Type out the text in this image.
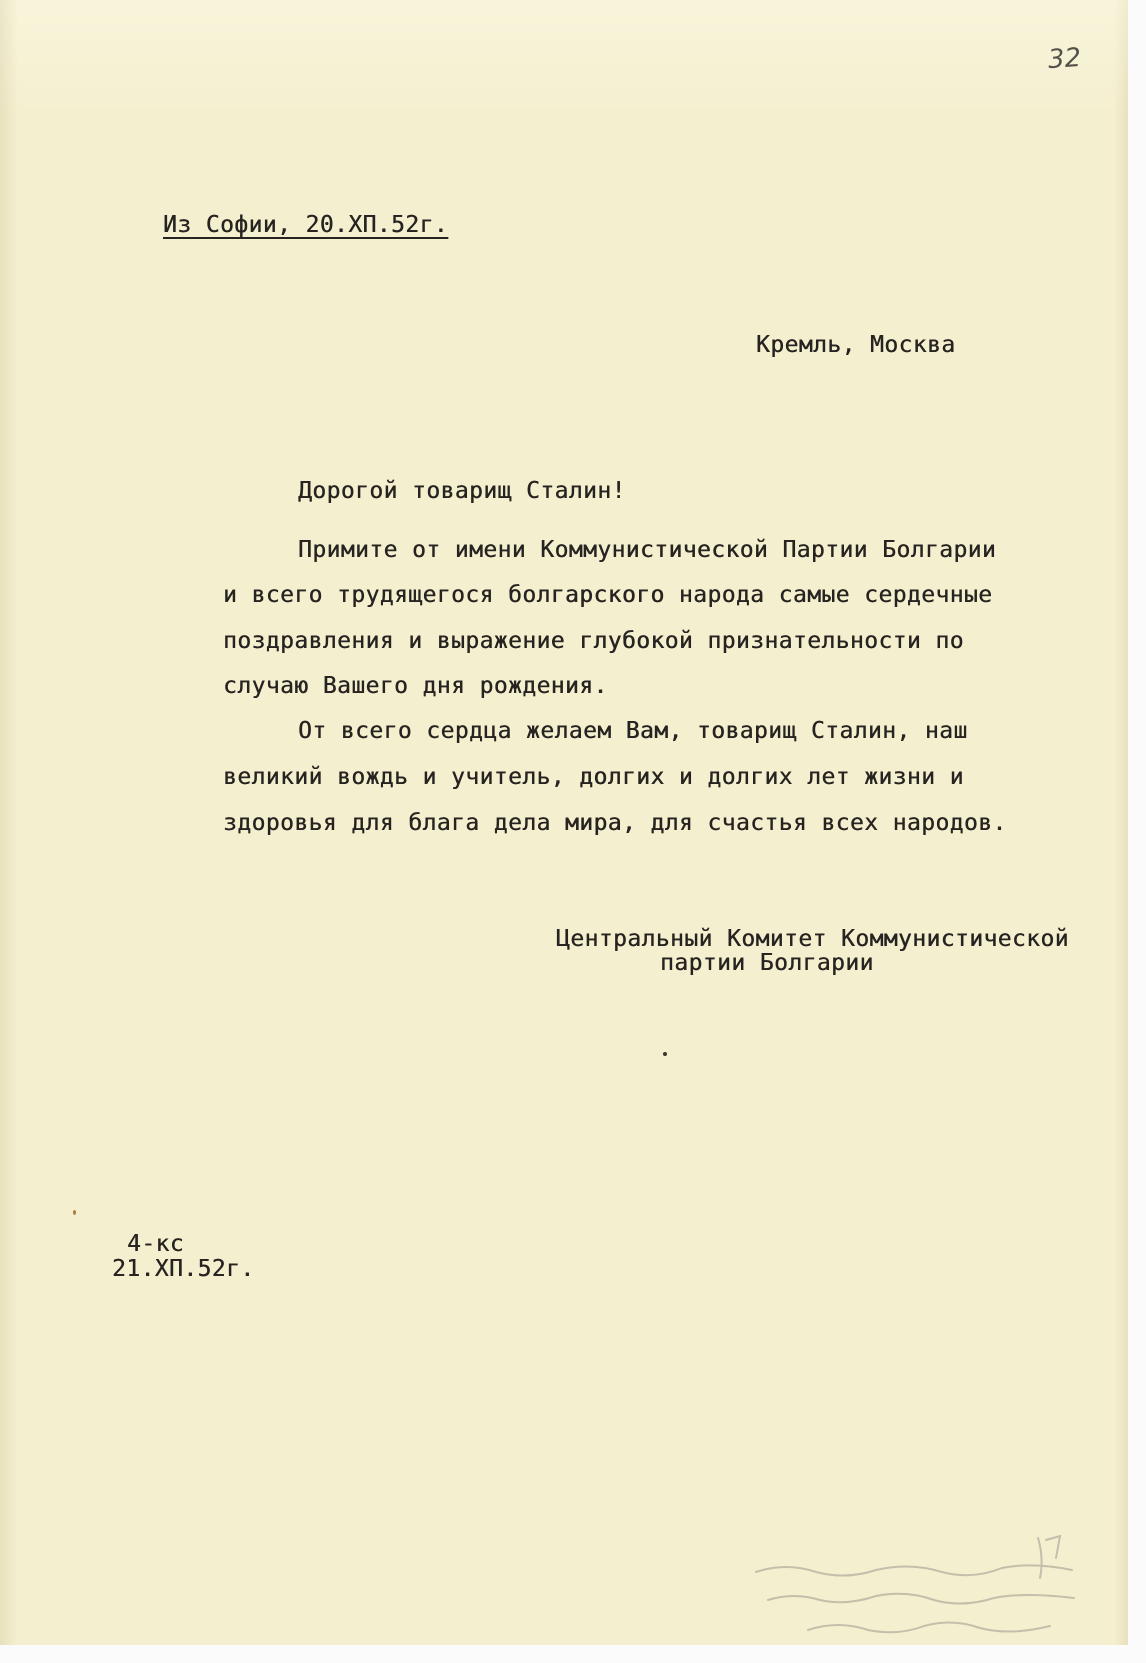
32
Из Софии, 20.XП.52г.
Кремль, Москва
Дорогой товарищ Сталин!
Примите от имени Коммунистической Партии Болгарии
и всего трудящегося болгарского народа самые сердечные
поздравления и выражение глубокой признательности по
случаю Вашего дня рождения.
От всего сердца желаем Вам, товарищ Сталин, наш
великий вождь и учитель, долгих и долгих лет жизни и
здоровья для блага дела мира, для счастья всех народов.
Центральный Комитет Коммунистической
партии Болгарии
4-кс
21.XП.52г.
